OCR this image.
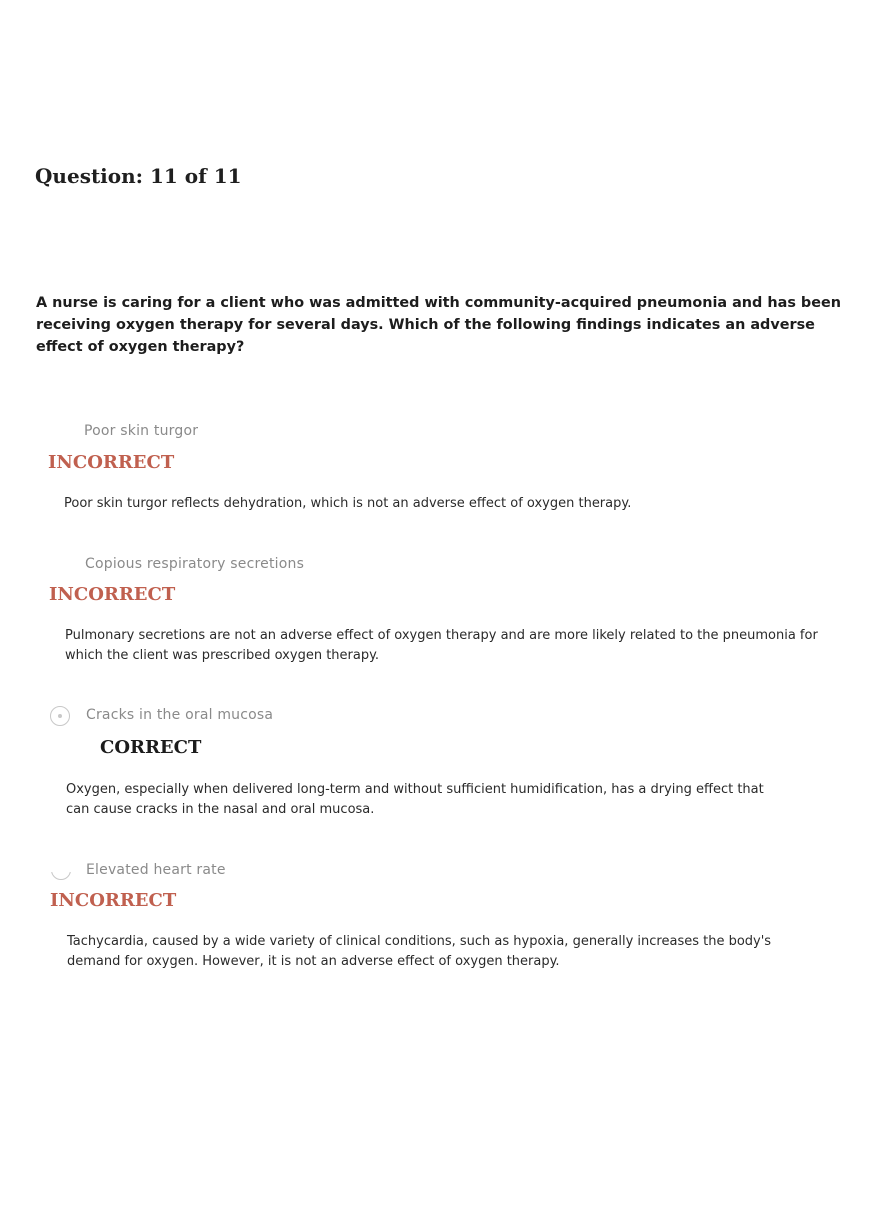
Question: 11 of 11
A nurse is caring for a client who was admitted with community-acquired pneumonia and has been receiving oxygen therapy for several days. Which of the following findings indicates an adverse effect of oxygen therapy?
Poor skin turgor
INCORRECT
Poor skin turgor reflects dehydration, which is not an adverse effect of oxygen therapy.
Copious respiratory secretions
INCORRECT
Pulmonary secretions are not an adverse effect of oxygen therapy and are more likely related to the pneumonia for which the client was prescribed oxygen therapy.
Cracks in the oral mucosa
CORRECT
Oxygen, especially when delivered long-term and without sufficient humidification, has a drying effect that can cause cracks in the nasal and oral mucosa.
Elevated heart rate
INCORRECT
Tachycardia, caused by a wide variety of clinical conditions, such as hypoxia, generally increases the body's demand for oxygen. However, it is not an adverse effect of oxygen therapy.
